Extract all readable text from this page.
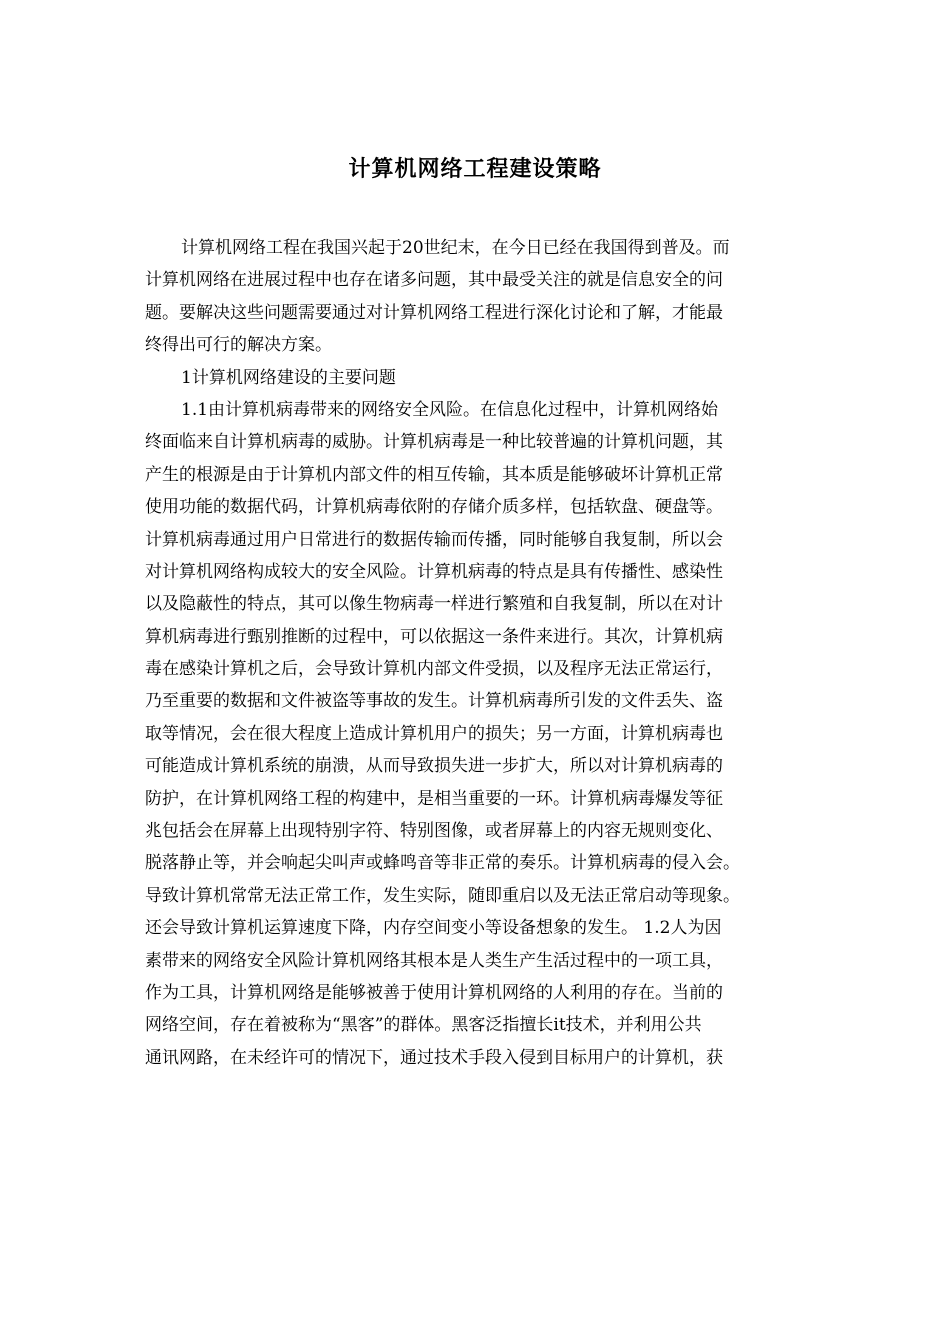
计算机网络工程建设策略
计算机网络工程在我国兴起于20世纪末，在今日已经在我国得到普及。而
计算机网络在进展过程中也存在诸多问题，其中最受关注的就是信息安全的问
题。要解决这些问题需要通过对计算机网络工程进行深化讨论和了解，才能最
终得出可行的解决方案。
1计算机网络建设的主要问题
1.1由计算机病毒带来的网络安全风险。在信息化过程中，计算机网络始
终面临来自计算机病毒的威胁。计算机病毒是一种比较普遍的计算机问题，其
产生的根源是由于计算机内部文件的相互传输，其本质是能够破坏计算机正常
使用功能的数据代码，计算机病毒依附的存储介质多样，包括软盘、硬盘等。
计算机病毒通过用户日常进行的数据传输而传播，同时能够自我复制，所以会
对计算机网络构成较大的安全风险。计算机病毒的特点是具有传播性、感染性
以及隐蔽性的特点，其可以像生物病毒一样进行繁殖和自我复制，所以在对计
算机病毒进行甄别推断的过程中，可以依据这一条件来进行。其次，计算机病
毒在感染计算机之后，会导致计算机内部文件受损，以及程序无法正常运行，
乃至重要的数据和文件被盗等事故的发生。计算机病毒所引发的文件丢失、盗
取等情况，会在很大程度上造成计算机用户的损失；另一方面，计算机病毒也
可能造成计算机系统的崩溃，从而导致损失进一步扩大，所以对计算机病毒的
防护，在计算机网络工程的构建中，是相当重要的一环。计算机病毒爆发等征
兆包括会在屏幕上出现特别字符、特别图像，或者屏幕上的内容无规则变化、
脱落静止等，并会响起尖叫声或蜂鸣音等非正常的奏乐。计算机病毒的侵入会。
导致计算机常常无法正常工作，发生实际，随即重启以及无法正常启动等现象。
还会导致计算机运算速度下降，内存空间变小等设备想象的发生。 1.2人为因
素带来的网络安全风险计算机网络其根本是人类生产生活过程中的一项工具，
作为工具，计算机网络是能够被善于使用计算机网络的人利用的存在。当前的
网络空间，存在着被称为“黑客”的群体。黑客泛指擅长it技术，并利用公共
通讯网路，在未经许可的情况下，通过技术手段入侵到目标用户的计算机，获
